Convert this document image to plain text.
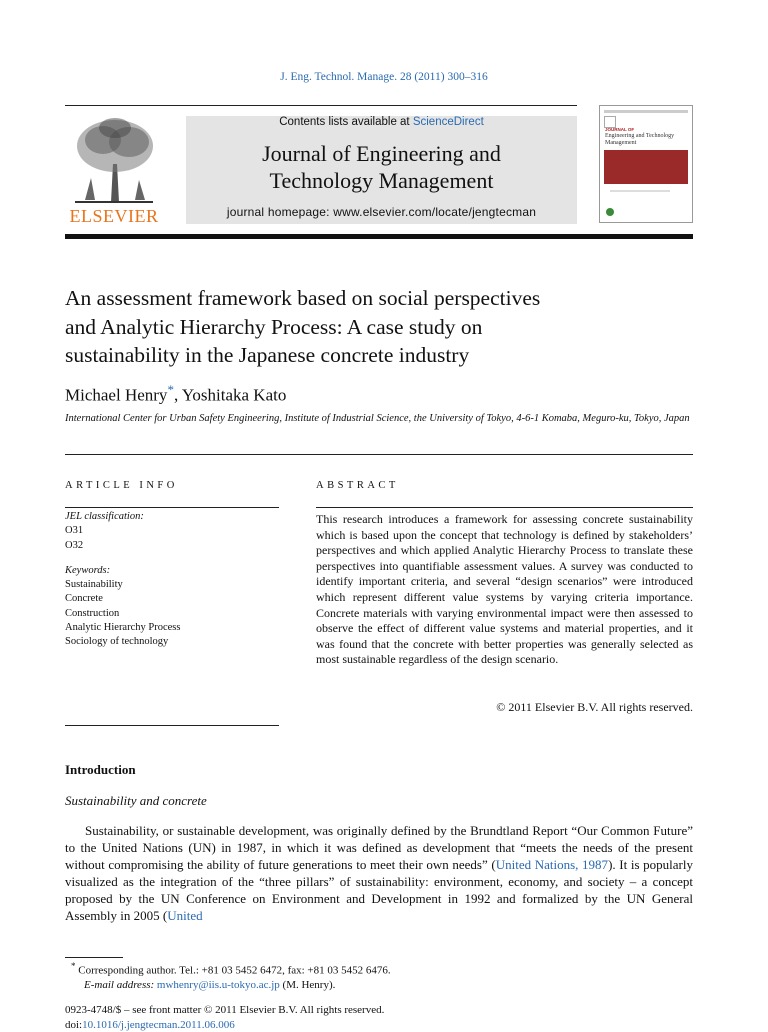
J. Eng. Technol. Manage. 28 (2011) 300–316
ELSEVIER
Contents lists available at ScienceDirect
Journal of Engineering and
Technology Management
journal homepage: www.elsevier.com/locate/jengtecman
JOURNAL OF
Engineering and Technology Management
An assessment framework based on social perspectives
and Analytic Hierarchy Process: A case study on
sustainability in the Japanese concrete industry
Michael Henry*, Yoshitaka Kato
International Center for Urban Safety Engineering, Institute of Industrial Science, the University of Tokyo, 4-6-1 Komaba, Meguro-ku, Tokyo, Japan
ARTICLE INFO	ABSTRACT
JEL classification:
O31
O32
Keywords:
Sustainability
Concrete
Construction
Analytic Hierarchy Process
Sociology of technology
This research introduces a framework for assessing concrete sustainability which is based upon the concept that technology is defined by stakeholders’ perspectives and which applied Analytic Hierarchy Process to translate these perspectives into quantifiable assessment values. A survey was conducted to identify important criteria, and several “design scenarios” were introduced which represent different value systems by varying criteria importance. Concrete materials with varying environmental impact were then assessed to observe the effect of different value systems and material properties, and it was found that the concrete with better properties was generally selected as most sustainable regardless of the design scenario.
© 2011 Elsevier B.V. All rights reserved.
Introduction
Sustainability and concrete

Sustainability, or sustainable development, was originally defined by the Brundtland Report “Our Common Future” to the United Nations (UN) in 1987, in which it was defined as development that “meets the needs of the present without compromising the ability of future generations to meet their own needs” (United Nations, 1987). It is popularly visualized as the integration of the “three pillars” of sustainability: environment, economy, and society – a concept proposed by the UN Conference on Environment and Development in 1992 and formalized by the UN General Assembly in 2005 (United

* Corresponding author. Tel.: +81 03 5452 6472, fax: +81 03 5452 6476.
E-mail address: mwhenry@iis.u-tokyo.ac.jp (M. Henry).
0923-4748/$ – see front matter © 2011 Elsevier B.V. All rights reserved.
doi:10.1016/j.jengtecman.2011.06.006
